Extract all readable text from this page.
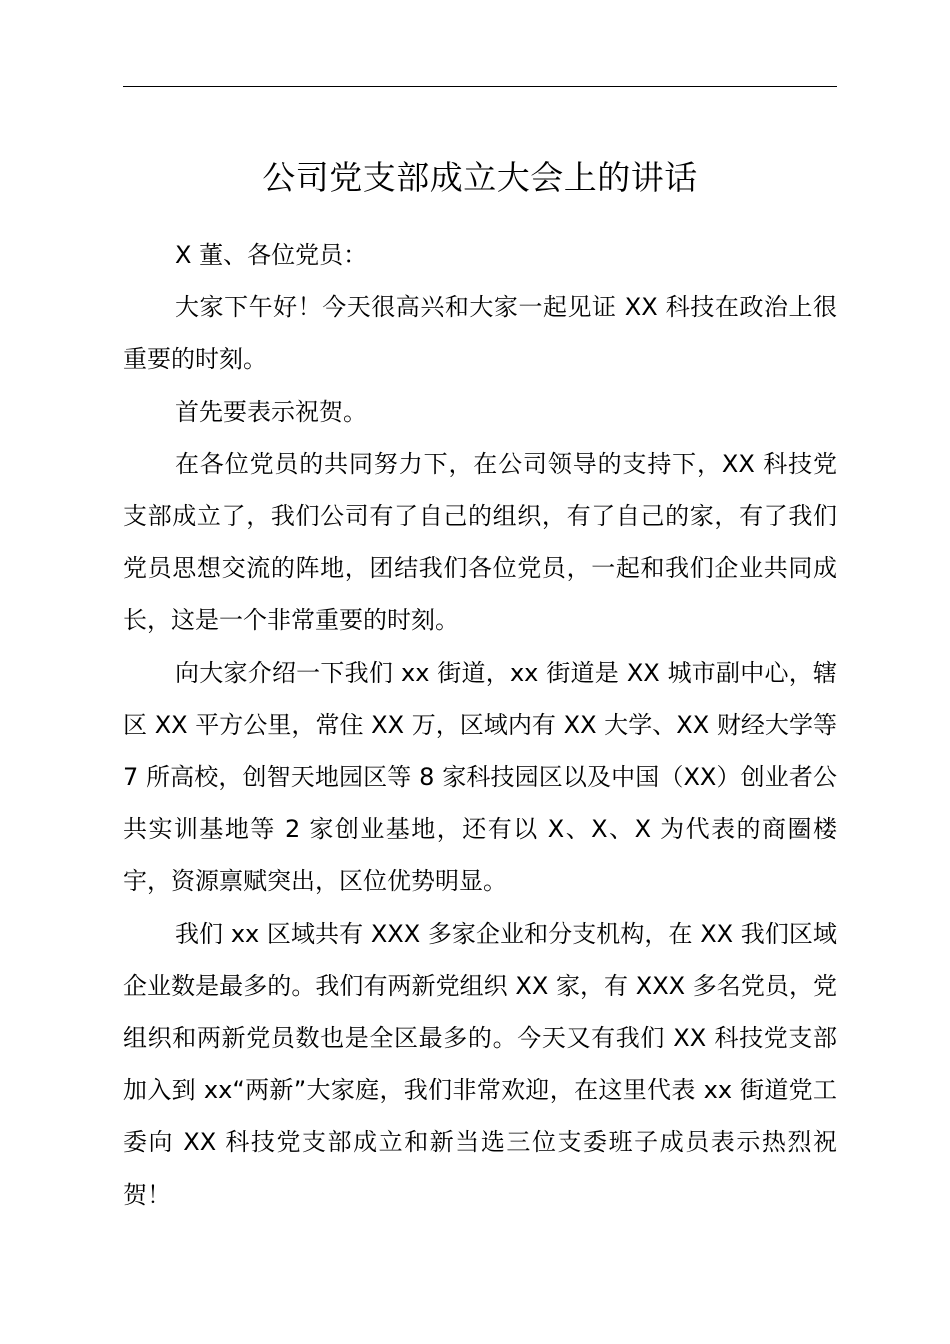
公司党支部成立大会上的讲话

X 董、各位党员：

大家下午好！今天很高兴和大家一起见证 XX 科技在政治上很重要的时刻。

首先要表示祝贺。

在各位党员的共同努力下，在公司领导的支持下，XX 科技党支部成立了，我们公司有了自己的组织，有了自己的家，有了我们党员思想交流的阵地，团结我们各位党员，一起和我们企业共同成长，这是一个非常重要的时刻。

向大家介绍一下我们 xx 街道，xx 街道是 XX 城市副中心，辖区 XX 平方公里，常住 XX 万，区域内有 XX 大学、XX 财经大学等 7 所高校，创智天地园区等 8 家科技园区以及中国（XX）创业者公共实训基地等 2 家创业基地，还有以 X、X、X 为代表的商圈楼宇，资源禀赋突出，区位优势明显。

我们 xx 区域共有 XXX 多家企业和分支机构，在 XX 我们区域企业数是最多的。我们有两新党组织 XX 家，有 XXX 多名党员，党组织和两新党员数也是全区最多的。今天又有我们 XX 科技党支部加入到 xx“两新”大家庭，我们非常欢迎，在这里代表 xx 街道党工委向 XX 科技党支部成立和新当选三位支委班子成员表示热烈祝贺！
